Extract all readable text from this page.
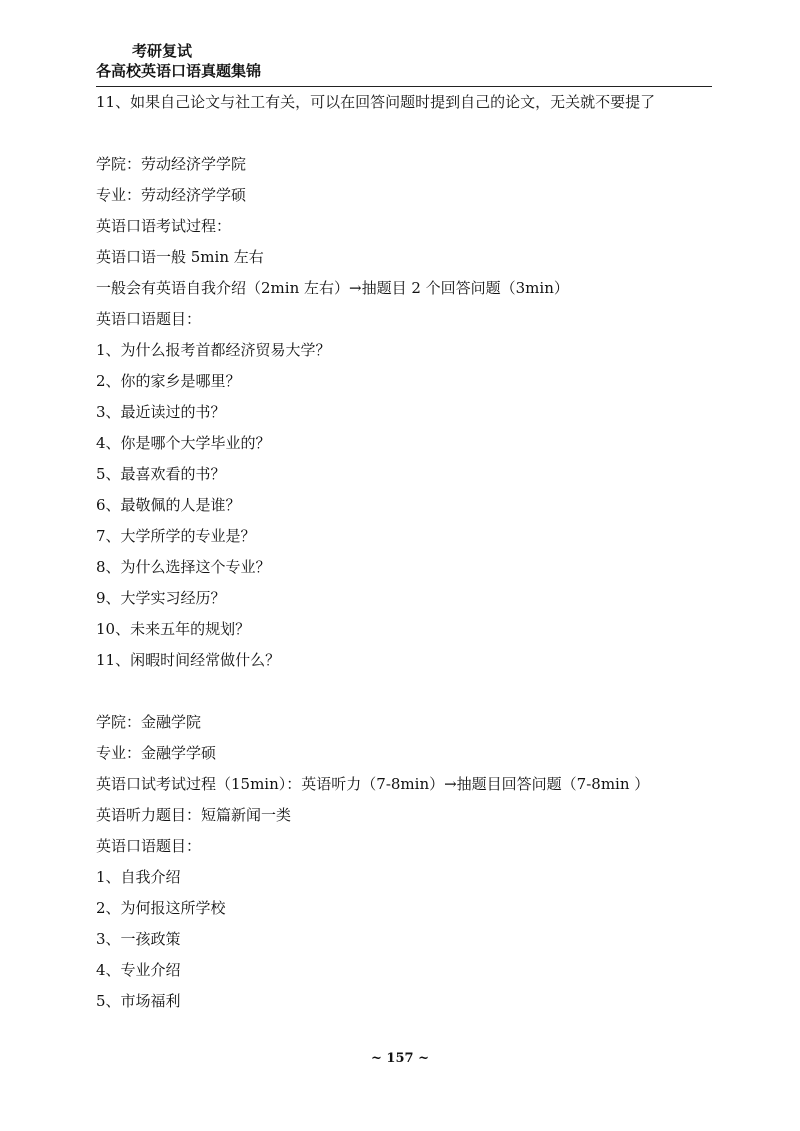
考研复试
各高校英语口语真题集锦
11、如果自己论文与社工有关，可以在回答问题时提到自己的论文，无关就不要提了
学院：劳动经济学学院
专业：劳动经济学学硕
英语口语考试过程：
英语口语一般 5min 左右
一般会有英语自我介绍（2min 左右）→抽题目 2 个回答问题（3min）
英语口语题目：
1、为什么报考首都经济贸易大学？
2、你的家乡是哪里？
3、最近读过的书？
4、你是哪个大学毕业的？
5、最喜欢看的书？
6、最敬佩的人是谁？
7、大学所学的专业是？
8、为什么选择这个专业？
9、大学实习经历？
10、未来五年的规划？
11、闲暇时间经常做什么？
学院：金融学院
专业：金融学学硕
英语口试考试过程（15min）：英语听力（7-8min）→抽题目回答问题（7-8min ）
英语听力题目：短篇新闻一类
英语口语题目：
1、自我介绍
2、为何报这所学校
3、一孩政策
4、专业介绍
5、市场福利
~ 157 ~
